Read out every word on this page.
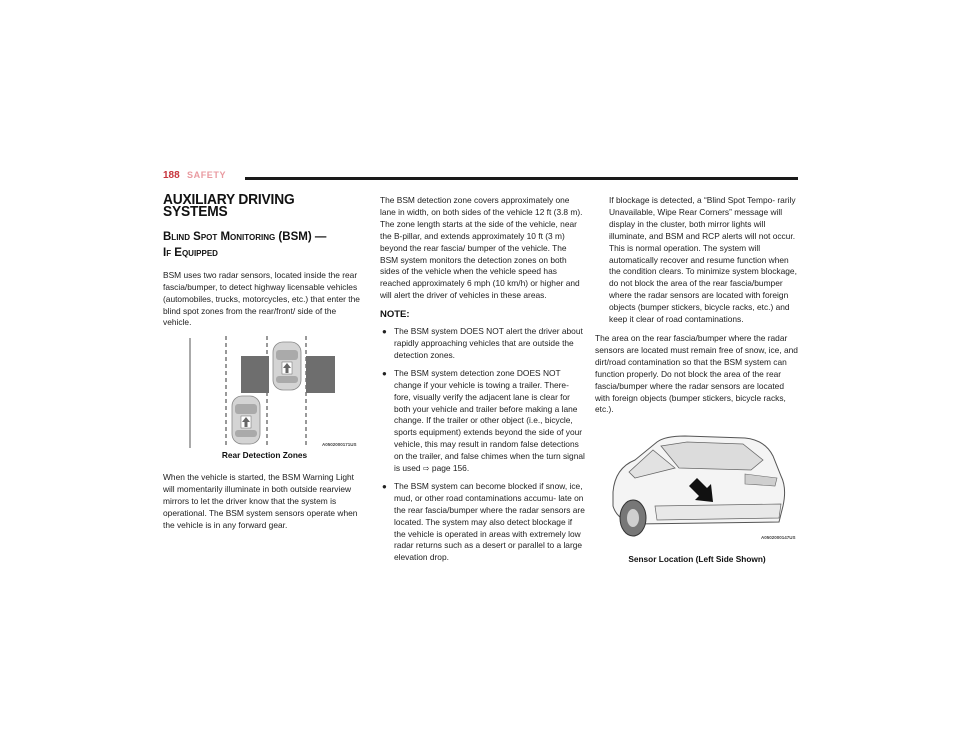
188 SAFETY
AUXILIARY DRIVING SYSTEMS
Blind Spot Monitoring (BSM) —
If Equipped

BSM uses two radar sensors, located inside the rear fascia/bumper, to detect highway licensable vehicles (automobiles, trucks, motorcycles, etc.) that enter the blind spot zones from the rear/front/ side of the vehicle.

A0502000171US
Rear Detection Zones

When the vehicle is started, the BSM Warning Light will momentarily illuminate in both outside rearview mirrors to let the driver know that the system is operational. The BSM system sensors operate when the vehicle is in any forward gear.

The BSM detection zone covers approximately one lane in width, on both sides of the vehicle 12 ft (3.8 m). The zone length starts at the side of the vehicle, near the B-pillar, and extends approximately 10 ft (3 m) beyond the rear fascia/ bumper of the vehicle. The BSM system monitors the detection zones on both sides of the vehicle when the vehicle speed has reached approximately 6 mph (10 km/h) or higher and will alert the driver of vehicles in these areas.

NOTE:
● The BSM system DOES NOT alert the driver about rapidly approaching vehicles that are outside the detection zones.
● The BSM system detection zone DOES NOT change if your vehicle is towing a trailer. There- fore, visually verify the adjacent lane is clear for both your vehicle and trailer before making a lane change. If the trailer or other object (i.e., bicycle, sports equipment) extends beyond the side of your vehicle, this may result in random false detections on the trailer, and false chimes when the turn signal is used ⇨ page 156.
● The BSM system can become blocked if snow, ice, mud, or other road contaminations accumu- late on the rear fascia/bumper where the radar sensors are located. The system may also detect blockage if the vehicle is operated in areas with extremely low radar returns such as a desert or parallel to a large elevation drop.

If blockage is detected, a “Blind Spot Tempo- rarily Unavailable, Wipe Rear Corners” message will display in the cluster, both mirror lights will illuminate, and BSM and RCP alerts will not occur. This is normal operation. The system will automatically recover and resume function when the condition clears. To minimize system blockage, do not block the area of the rear fascia/bumper where the radar sensors are located with foreign objects (bumper stickers, bicycle racks, etc.) and keep it clear of road contaminations.

The area on the rear fascia/bumper where the radar sensors are located must remain free of snow, ice, and dirt/road contamination so that the BSM system can function properly. Do not block the area of the rear fascia/bumper where the radar sensors are located with foreign objects (bumper stickers, bicycle racks, etc.).

A0502000147US
Sensor Location (Left Side Shown)
